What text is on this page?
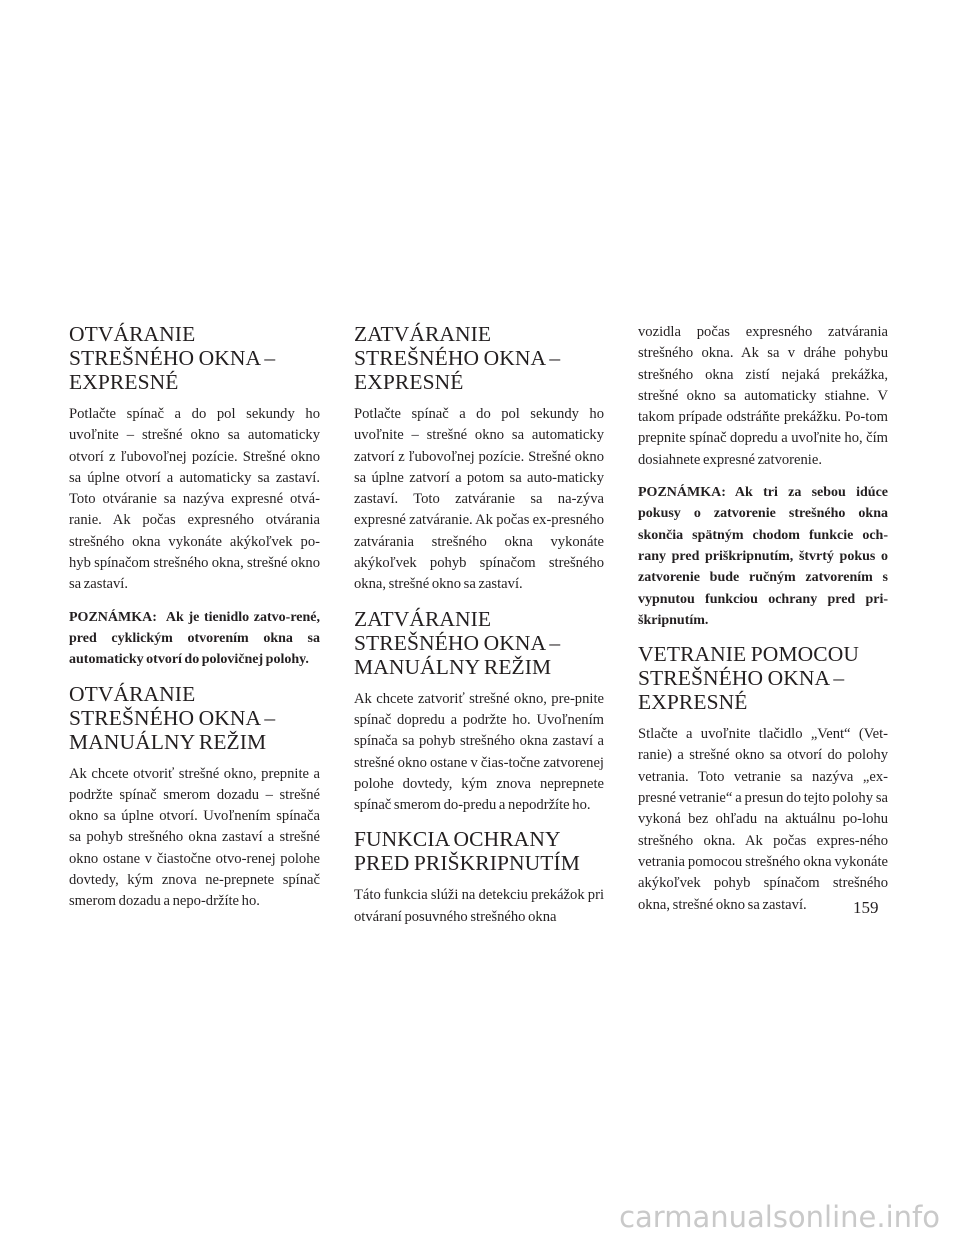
OTVÁRANIE STREŠNÉHO OKNA – EXPRESNÉ

Potlačte spínač a do pol sekundy ho uvoľnite – strešné okno sa automaticky otvorí z ľubovoľnej pozície. Strešné okno sa úplne otvorí a automaticky sa zastaví. Toto otváranie sa nazýva expresné otvá-ranie. Ak počas expresného otvárania strešného okna vykonáte akýkoľvek po-hyb spínačom strešného okna, strešné okno sa zastaví.

POZNÁMKA: Ak je tienidlo zatvo-rené, pred cyklickým otvorením okna sa automaticky otvorí do polovičnej polohy.

OTVÁRANIE STREŠNÉHO OKNA – MANUÁLNY REŽIM

Ak chcete otvoriť strešné okno, prepnite a podržte spínač smerom dozadu – strešné okno sa úplne otvorí. Uvoľnením spínača sa pohyb strešného okna zastaví a strešné okno ostane v čiastočne otvo-renej polohe dovtedy, kým znova ne-prepnete spínač smerom dozadu a nepo-držíte ho.

ZATVÁRANIE STREŠNÉHO OKNA – EXPRESNÉ

Potlačte spínač a do pol sekundy ho uvoľnite – strešné okno sa automaticky zatvorí z ľubovoľnej pozície. Strešné okno sa úplne zatvorí a potom sa auto-maticky zastaví. Toto zatváranie sa na-zýva expresné zatváranie. Ak počas ex-presného zatvárania strešného okna vykonáte akýkoľvek pohyb spínačom strešného okna, strešné okno sa zastaví.

ZATVÁRANIE STREŠNÉHO OKNA – MANUÁLNY REŽIM

Ak chcete zatvoriť strešné okno, pre-pnite spínač dopredu a podržte ho. Uvoľnením spínača sa pohyb strešného okna zastaví a strešné okno ostane v čias-točne zatvorenej polohe dovtedy, kým znova neprepnete spínač smerom do-predu a nepodržíte ho.

FUNKCIA OCHRANY PRED PRIŠKRIPNUTÍM

Táto funkcia slúži na detekciu prekážok pri otváraní posuvného strešného okna

vozidla počas expresného zatvárania strešného okna. Ak sa v dráhe pohybu strešného okna zistí nejaká prekážka, strešné okno sa automaticky stiahne. V takom prípade odstráňte prekážku. Po-tom prepnite spínač dopredu a uvoľnite ho, čím dosiahnete expresné zatvorenie.

POZNÁMKA: Ak tri za sebou idúce pokusy o zatvorenie strešného okna skončia spätným chodom funkcie och-rany pred priškripnutím, štvrtý pokus o zatvorenie bude ručným zatvorením s vypnutou funkciou ochrany pred pri-škripnutím.

VETRANIE POMOCOU STREŠNÉHO OKNA – EXPRESNÉ

Stlačte a uvoľnite tlačidlo „Vent“ (Vet-ranie) a strešné okno sa otvorí do polohy vetrania. Toto vetranie sa nazýva „ex-presné vetranie“ a presun do tejto polohy sa vykoná bez ohľadu na aktuálnu po-lohu strešného okna. Ak počas expres-ného vetrania pomocou strešného okna vykonáte akýkoľvek pohyb spínačom strešného okna, strešné okno sa zastaví.	159
carmanualsonline.info
